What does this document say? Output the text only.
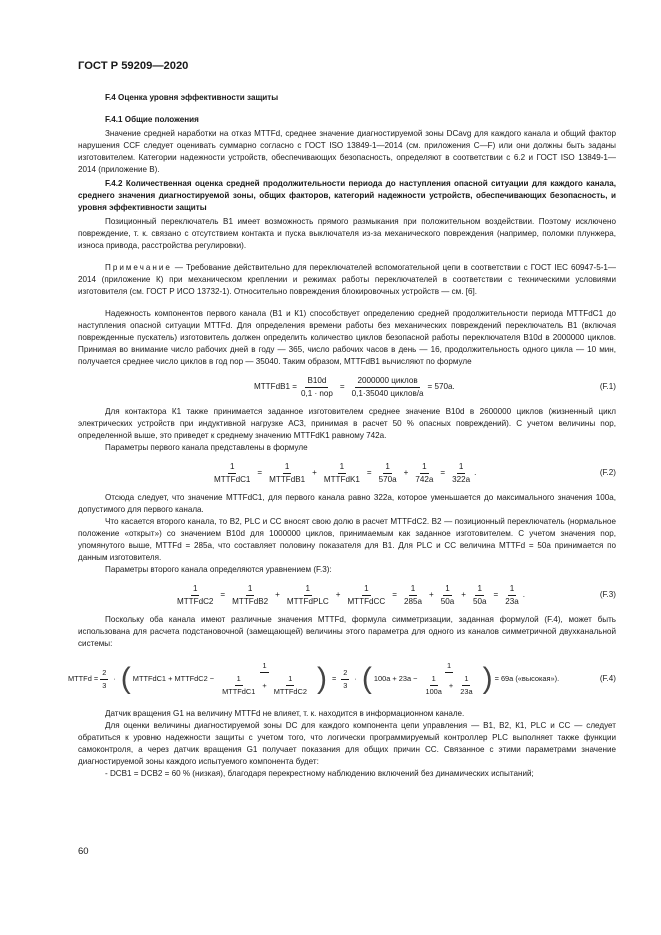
ГОСТ Р 59209—2020

F.4 Оценка уровня эффективности защиты

F.4.1 Общие положения

Значение средней наработки на отказ MTTFd, среднее значение диагностируемой зоны DCavg для каждого канала и общий фактор нарушения CCF следует оценивать суммарно согласно с ГОСТ ISO 13849-1—2014 (см. приложения С—F) или они должны быть заданы изготовителем. Категории надежности устройств, обеспечивающих безопасность, определяют в соответствии с 6.2 и ГОСТ ISO 13849-1—2014 (приложение В).

F.4.2 Количественная оценка средней продолжительности периода до наступления опасной ситуации для каждого канала, среднего значения диагностируемой зоны, общих факторов, категорий надежности устройств, обеспечивающих безопасность, и уровня эффективности защиты

Позиционный переключатель В1 имеет возможность прямого размыкания при положительном воздействии. Поэтому исключено повреждение, т. к. связано с отсутствием контакта и пуска выключателя из-за механического повреждения (например, поломки плунжера, износа привода, расстройства регулировки).

Примечание — Требование действительно для переключателей вспомогательной цепи в соответствии с ГОСТ IEC 60947-5-1—2014 (приложение К) при механическом креплении и режимах работы переключателей в соответствии с техническими условиями изготовителя (см. ГОСТ Р ИСО 13732-1). Относительно повреждения блокировочных устройств — см. [6].

Надежность компонентов первого канала (В1 и К1) способствует определению средней продолжительности периода MTTFdC1 до наступления опасной ситуации MTTFd. Для определения времени работы без механических повреждений переключатель В1 (включая поврежденные пускатель) изготовитель должен определить количество циклов безопасной работы переключателя B10d в 2000000 циклов. Принимая во внимание число рабочих дней в году — 365, число рабочих часов в день — 16, продолжительность одного цикла — 10 мин, получается среднее число циклов в год nop — 35040. Таким образом, MTTFdB1 вычисляют по формуле

MTTFdB1 =
B10d
0,1 · nop
=
2000000 циклов
0,1·35040 циклов/a
= 570a.	(F.1)

Для контактора К1 также принимается заданное изготовителем среднее значение B10d в 2600000 циклов (жизненный цикл электрических устройств при индуктивной нагрузке АС3, принимая в расчет 50 % опасных повреждений). С учетом величины nop, определенной выше, это приведет к среднему значению MTTFdK1 равному 742а.

Параметры первого канала представлены в формуле

1
MTTFdC1
=
1
MTTFdB1
+
1
MTTFdK1
= $\frac{1}{570a} + \frac{1}{742a} = \frac{1}{322a}$ .	(F.2)

Отсюда следует, что значение MTTFdC1, для первого канала равно 322а, которое уменьшается до максимального значения 100а, допустимого для первого канала.

Что касается второго канала, то В2, PLC и СС вносят свою долю в расчет MTTFdC2. В2 — позиционный переключатель (нормальное положение «открыт») со значением B10d для 1000000 циклов, принимаемым как заданное изготовителем. С учетом значения nop, упомянутого выше, MTTFd = 285a, что составляет половину показателя для В1. Для PLC и СС величина MTTFd = 50a принимается по данным изготовителя.

Параметры второго канала определяются уравнением (F.3):

1
MTTFdC2
=
1
MTTFdB2
+
1
MTTFdPLC
+
1
MTTFdCC
= $\frac{1}{285a} + \frac{1}{50a} + \frac{1}{50a} = \frac{1}{23a}$ .	(F.3)

Поскольку оба канала имеют различные значения MTTFd, формула симметризации, заданная формулой (F.4), может быть использована для расчета подстановочной (замещающей) величины этого параметра для одного из каналов симметричной двухканальной системы:

MTTFd = $\frac{2}{3}$ · ( MTTFdC1 + MTTFdC2 −
1
1
MTTFdC1
+
1
MTTFdC2 ) = $\frac{2}{3}$ · ( $100a + 23a - \frac{1}{\frac{1}{100a} + \frac{1}{23a}}$ ) = 69a («высокая»).	(F.4)

Датчик вращения G1 на величину MTTFd не влияет, т. к. находится в информационном канале.

Для оценки величины диагностируемой зоны DC для каждого компонента цепи управления — В1, В2, К1, PLC и СС — следует обратиться к уровню надежности защиты с учетом того, что логически программируемый контроллер PLC выполняет также функции самоконтроля, а через датчик вращения G1 получает показания для общих причин СС. Связанное с этими параметрами значение диагностируемой зоны каждого испытуемого компонента будет:

- DCB1 = DCB2 = 60 % (низкая), благодаря перекрестному наблюдению включений без динамических испытаний;

60
